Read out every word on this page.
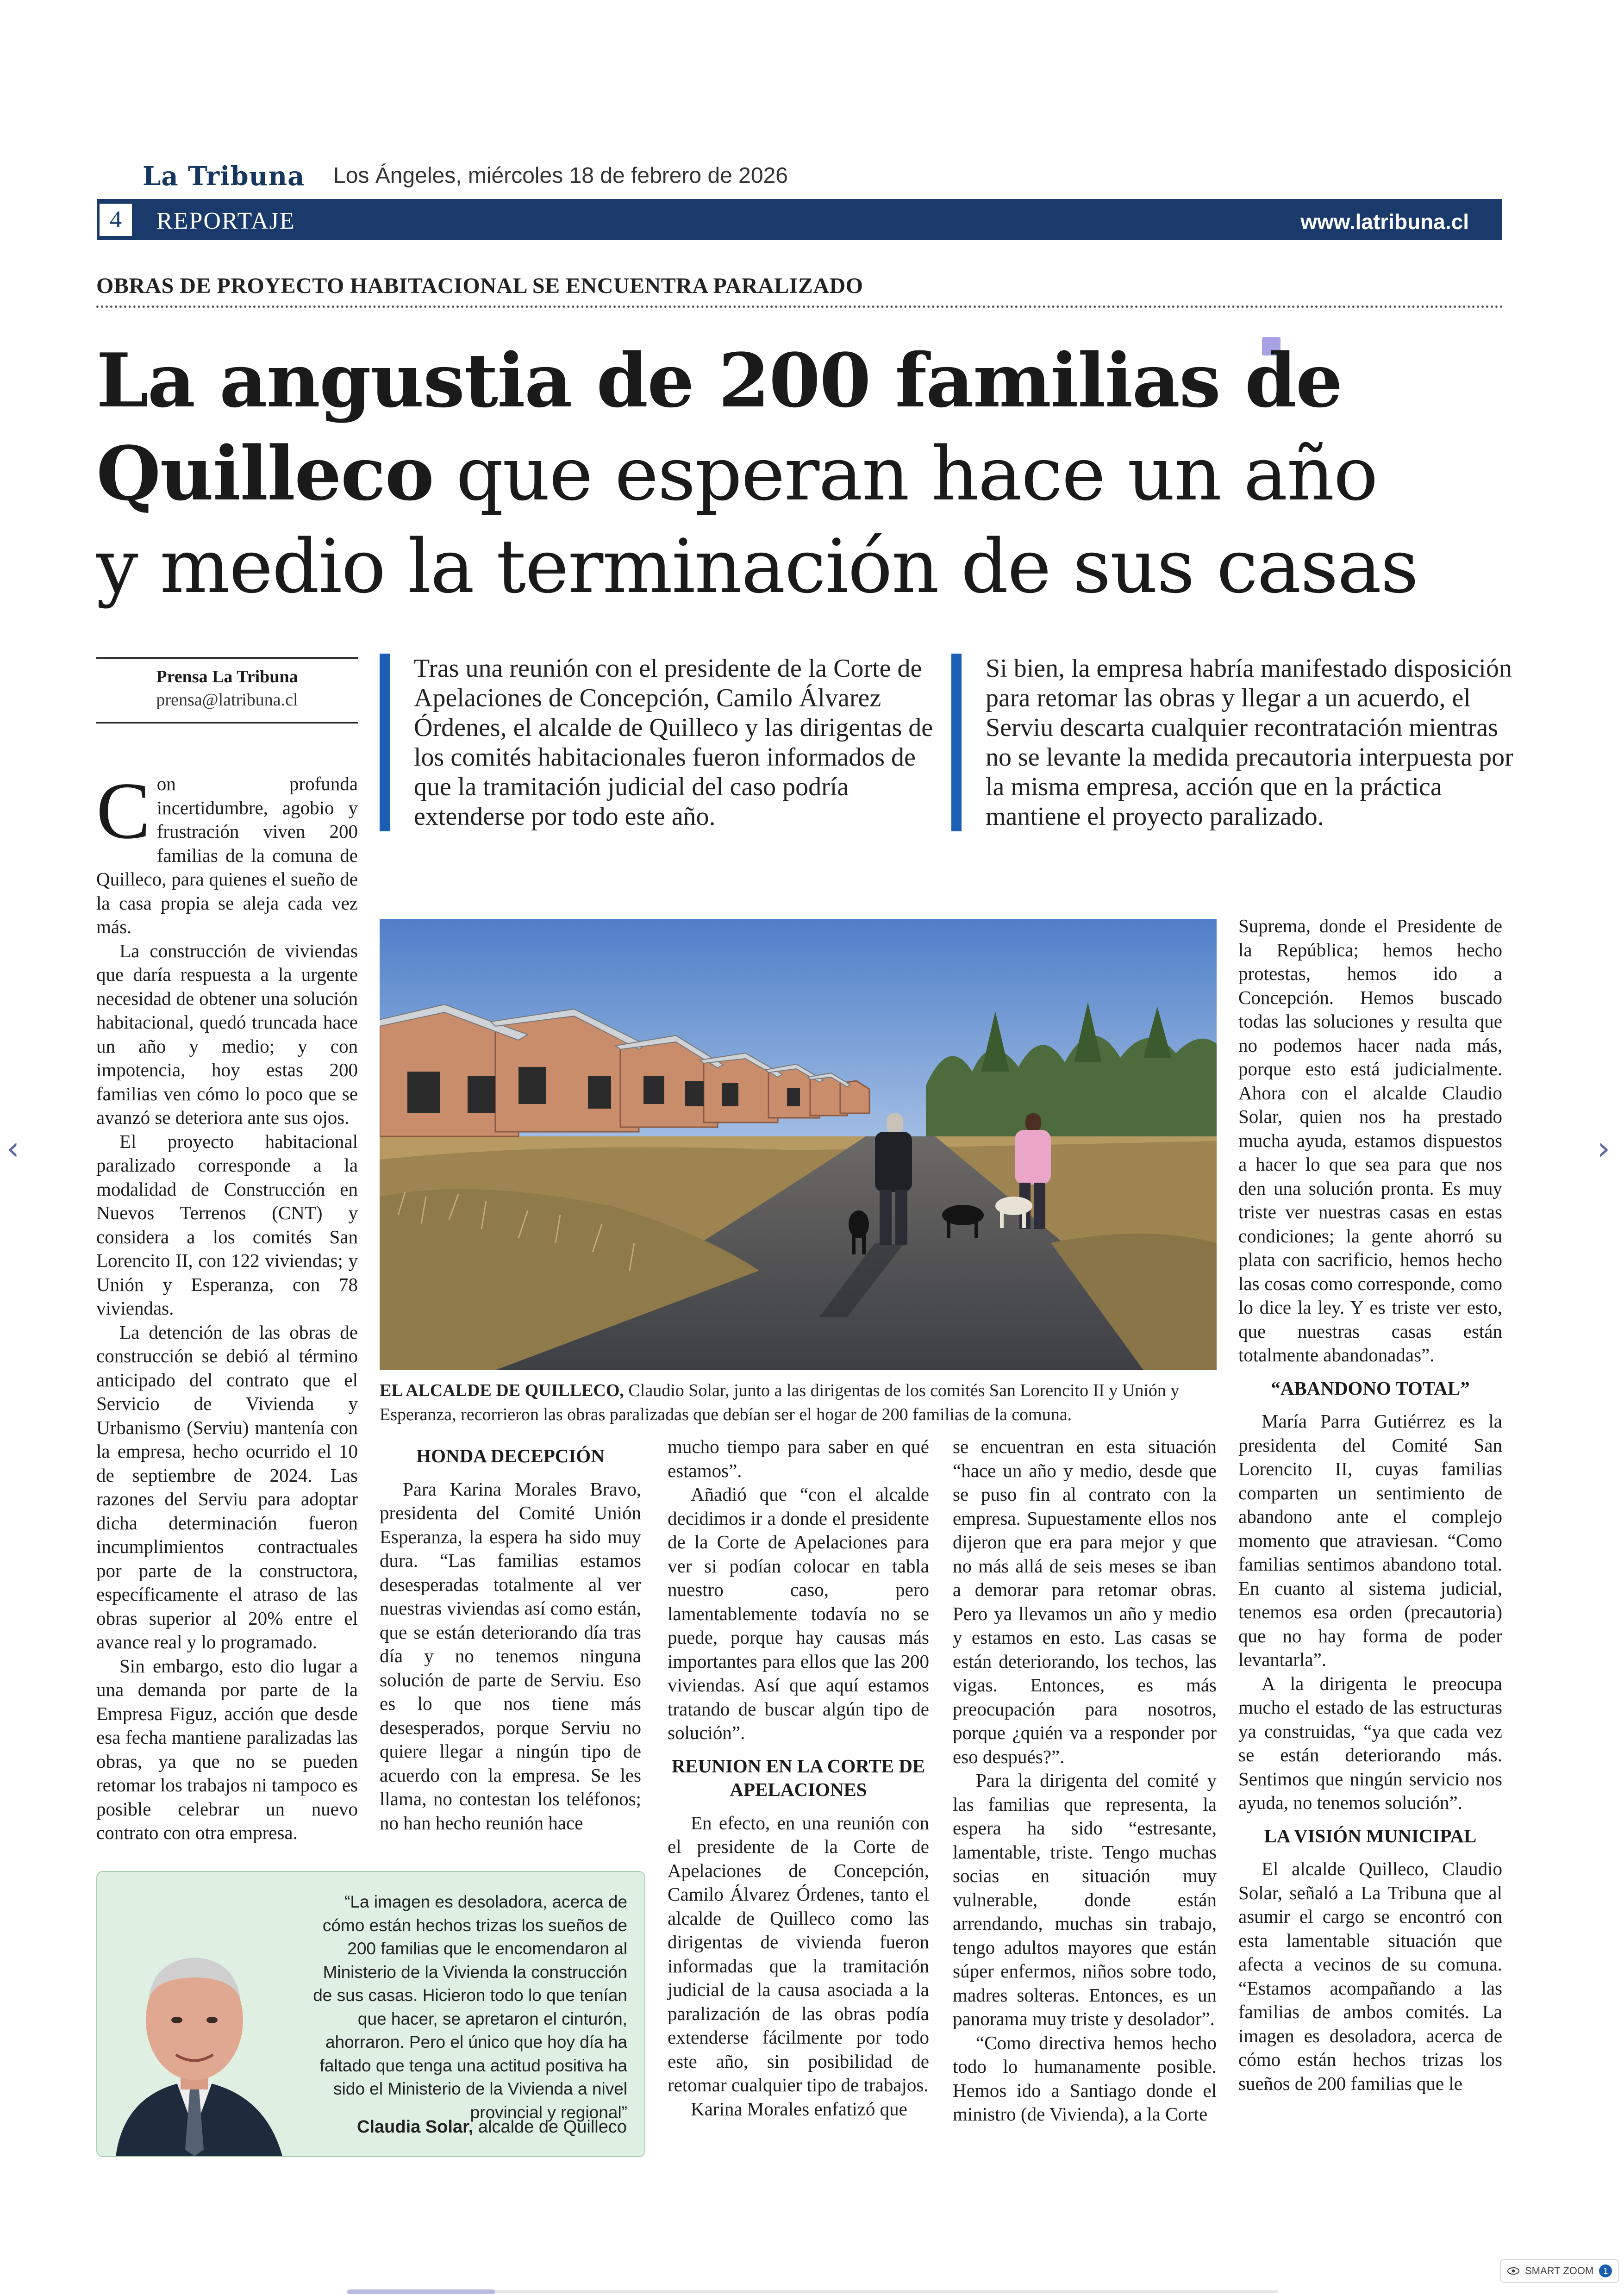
La Tribuna Los Ángeles, miércoles 18 de febrero de 2026
4	REPORTAJE	www.latribuna.cl
OBRAS DE PROYECTO HABITACIONAL SE ENCUENTRA PARALIZADO
La angustia de 200 familias de
Quilleco que esperan hace un año
y medio la terminación de sus casas
Prensa La Tribuna
prensa@latribuna.cl
Tras una reunión con el presidente de la Corte de Apelaciones de Concepción, Camilo Álvarez Órdenes, el alcalde de Quilleco y las dirigentas de los comités habitacionales fueron informados de que la tramitación judicial del caso podría extenderse por todo este año.
Si bien, la empresa habría manifestado disposición para retomar las obras y llegar a un acuerdo, el Serviu descarta cualquier recontratación mientras no se levante la medida precautoria interpuesta por la misma empresa, acción que en la práctica mantiene el proyecto paralizado.

Con profunda incertidumbre, agobio y frustración viven 200 familias de la comuna de Quilleco, para quienes el sueño de la casa propia se aleja cada vez más.

La construcción de viviendas que daría respuesta a la urgente necesidad de obtener una solución habitacional, quedó truncada hace un año y medio; y con impotencia, hoy estas 200 familias ven cómo lo poco que se avanzó se deteriora ante sus ojos.

El proyecto habitacional paralizado corresponde a la modalidad de Construcción en Nuevos Terrenos (CNT) y considera a los comités San Lorencito II, con 122 viviendas; y Unión y Esperanza, con 78 viviendas.

La detención de las obras de construcción se debió al término anticipado del contrato que el Servicio de Vivienda y Urbanismo (Serviu) mantenía con la empresa, hecho ocurrido el 10 de septiembre de 2024. Las razones del Serviu para adoptar dicha determinación fueron incumplimientos contractuales por parte de la constructora, específicamente el atraso de las obras superior al 20% entre el avance real y lo programado.

Sin embargo, esto dio lugar a una demanda por parte de la Empresa Figuz, acción que desde esa fecha mantiene paralizadas las obras, ya que no se pueden retomar los trabajos ni tampoco es posible celebrar un nuevo contrato con otra empresa.

EL ALCALDE DE QUILLECO, Claudio Solar, junto a las dirigentas de los comités San Lorencito II y Unión y Esperanza, recorrieron las obras paralizadas que debían ser el hogar de 200 familias de la comuna.

HONDA DECEPCIÓN

Para Karina Morales Bravo, presidenta del Comité Unión Esperanza, la espera ha sido muy dura. “Las familias estamos desesperadas totalmente al ver nuestras viviendas así como están, que se están deteriorando día tras día y no tenemos ninguna solución de parte de Serviu. Eso es lo que nos tiene más desesperados, porque Serviu no quiere llegar a ningún tipo de acuerdo con la empresa. Se les llama, no contestan los teléfonos; no han hecho reunión hace

mucho tiempo para saber en qué estamos”.

Añadió que “con el alcalde decidimos ir a donde el presidente de la Corte de Apelaciones para ver si podían colocar en tabla nuestro caso, pero lamentablemente todavía no se puede, porque hay causas más importantes para ellos que las 200 viviendas. Así que aquí estamos tratando de buscar algún tipo de solución”.

REUNION EN LA CORTE DE APELACIONES

En efecto, en una reunión con el presidente de la Corte de Apelaciones de Concepción, Camilo Álvarez Órdenes, tanto el alcalde de Quilleco como las dirigentas de vivienda fueron informadas que la tramitación judicial de la causa asociada a la paralización de las obras podía extenderse fácilmente por todo este año, sin posibilidad de retomar cualquier tipo de trabajos.

Karina Morales enfatizó que

se encuentran en esta situación “hace un año y medio, desde que se puso fin al contrato con la empresa. Supuestamente ellos nos dijeron que era para mejor y que no más allá de seis meses se iban a demorar para retomar obras. Pero ya llevamos un año y medio y estamos en esto. Las casas se están deteriorando, los techos, las vigas. Entonces, es más preocupación para nosotros, porque ¿quién va a responder por eso después?”.

Para la dirigenta del comité y las familias que representa, la espera ha sido “estresante, lamentable, triste. Tengo muchas socias en situación muy vulnerable, donde están arrendando, muchas sin trabajo, tengo adultos mayores que están súper enfermos, niños sobre todo, madres solteras. Entonces, es un panorama muy triste y desolador”.

“Como directiva hemos hecho todo lo humanamente posible. Hemos ido a Santiago donde el ministro (de Vivienda), a la Corte

Suprema, donde el Presidente de la República; hemos hecho protestas, hemos ido a Concepción. Hemos buscado todas las soluciones y resulta que no podemos hacer nada más, porque esto está judicialmente. Ahora con el alcalde Claudio Solar, quien nos ha prestado mucha ayuda, estamos dispuestos a hacer lo que sea para que nos den una solución pronta. Es muy triste ver nuestras casas en estas condiciones; la gente ahorró su plata con sacrificio, hemos hecho las cosas como corresponde, como lo dice la ley. Y es triste ver esto, que nuestras casas están totalmente abandonadas”.

“ABANDONO TOTAL”

María Parra Gutiérrez es la presidenta del Comité San Lorencito II, cuyas familias comparten un sentimiento de abandono ante el complejo momento que atraviesan. “Como familias sentimos abandono total. En cuanto al sistema judicial, tenemos esa orden (precautoria) que no hay forma de poder levantarla”.

A la dirigenta le preocupa mucho el estado de las estructuras ya construidas, “ya que cada vez se están deteriorando más. Sentimos que ningún servicio nos ayuda, no tenemos solución”.

LA VISIÓN MUNICIPAL

El alcalde Quilleco, Claudio Solar, señaló a La Tribuna que al asumir el cargo se encontró con esta lamentable situación que afecta a vecinos de su comuna. “Estamos acompañando a las familias de ambos comités. La imagen es desoladora, acerca de cómo están hechos trizas los sueños de 200 familias que le

“La imagen es desoladora, acerca de cómo están hechos trizas los sueños de 200 familias que le encomendaron al Ministerio de la Vivienda la construcción de sus casas. Hicieron todo lo que tenían que hacer, se apretaron el cinturón, ahorraron. Pero el único que hoy día ha faltado que tenga una actitud positiva ha sido el Ministerio de la Vivienda a nivel provincial y regional”
Claudia Solar, alcalde de Quilleco
‹	›
SMART ZOOM	1
